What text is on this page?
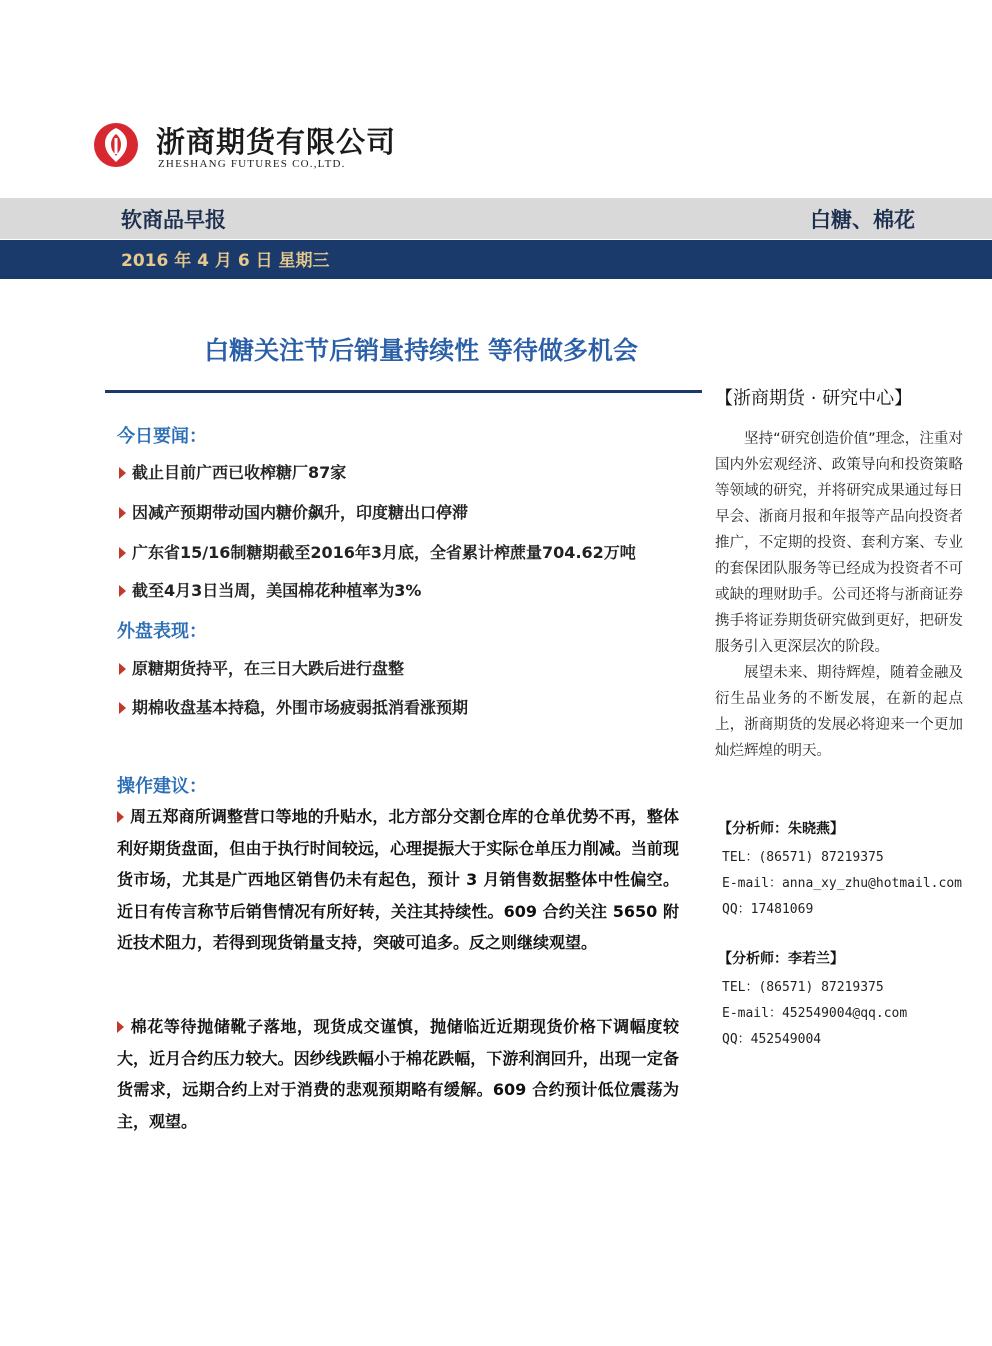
浙商期货有限公司
ZHESHANG FUTURES CO.,LTD.
软商品早报	白糖、棉花
2016 年 4 月 6 日 星期三
白糖关注节后销量持续性 等待做多机会
今日要闻：
截止目前广西已收榨糖厂87家
因减产预期带动国内糖价飙升，印度糖出口停滞
广东省15/16制糖期截至2016年3月底，全省累计榨蔗量704.62万吨
截至4月3日当周，美国棉花种植率为3%
外盘表现：
原糖期货持平，在三日大跌后进行盘整
期棉收盘基本持稳，外围市场疲弱抵消看涨预期
操作建议：
周五郑商所调整营口等地的升贴水，北方部分交割仓库的仓单优势不再，整体利好期货盘面，但由于执行时间较远，心理提振大于实际仓单压力削减。当前现货市场，尤其是广西地区销售仍未有起色，预计 3 月销售数据整体中性偏空。近日有传言称节后销售情况有所好转，关注其持续性。609 合约关注 5650 附近技术阻力，若得到现货销量支持，突破可追多。反之则继续观望。
棉花等待抛储靴子落地，现货成交谨慎，抛储临近近期现货价格下调幅度较大，近月合约压力较大。因纱线跌幅小于棉花跌幅，下游利润回升，出现一定备货需求，远期合约上对于消费的悲观预期略有缓解。609 合约预计低位震荡为主，观望。
【浙商期货 · 研究中心】

坚持“研究创造价值”理念，注重对国内外宏观经济、政策导向和投资策略等领域的研究，并将研究成果通过每日早会、浙商月报和年报等产品向投资者推广，不定期的投资、套利方案、专业的套保团队服务等已经成为投资者不可或缺的理财助手。公司还将与浙商证券携手将证券期货研究做到更好，把研发服务引入更深层次的阶段。

展望未来、期待辉煌，随着金融及衍生品业务的不断发展，在新的起点上，浙商期货的发展必将迎来一个更加灿烂辉煌的明天。

【分析师：朱晓燕】
TEL：(86571) 87219375
E-mail：anna_xy_zhu@hotmail.com
QQ：17481069
【分析师：李若兰】
TEL：(86571) 87219375
E-mail：452549004@qq.com
QQ：452549004
